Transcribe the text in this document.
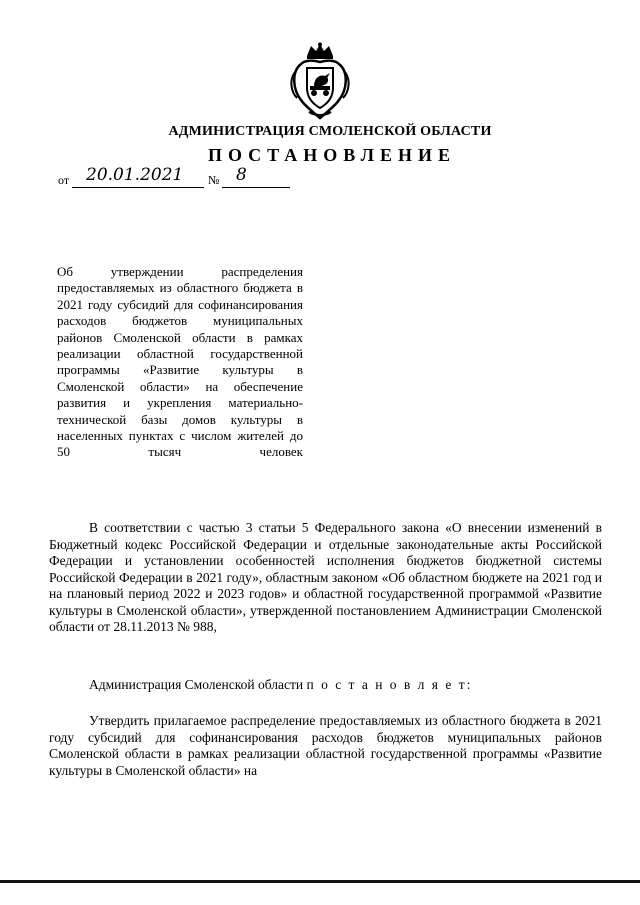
АДМИНИСТРАЦИЯ СМОЛЕНСКОЙ ОБЛАСТИ
ПОСТАНОВЛЕНИЕ
от 20.01.2021 № 8
Об утверждении распределения предоставляемых из областного бюджета в 2021 году субсидий для софинансирования расходов бюджетов муниципальных районов Смоленской области в рамках реализации областной государственной программы «Развитие культуры в Смоленской области» на обеспечение развития и укрепления материально-технической базы домов культуры в населенных пунктах с числом жителей до 50 тысяч человек
В соответствии с частью 3 статьи 5 Федерального закона «О внесении изменений в Бюджетный кодекс Российской Федерации и отдельные законодательные акты Российской Федерации и установлении особенностей исполнения бюджетов бюджетной системы Российской Федерации в 2021 году», областным законом «Об областном бюджете на 2021 год и на плановый период 2022 и 2023 годов» и областной государственной программой «Развитие культуры в Смоленской области», утвержденной постановлением Администрации Смоленской области от 28.11.2013 № 988,
Администрация Смоленской области п о с т а н о в л я е т:
Утвердить прилагаемое распределение предоставляемых из областного бюджета в 2021 году субсидий для софинансирования расходов бюджетов муниципальных районов Смоленской области в рамках реализации областной государственной программы «Развитие культуры в Смоленской области» на
